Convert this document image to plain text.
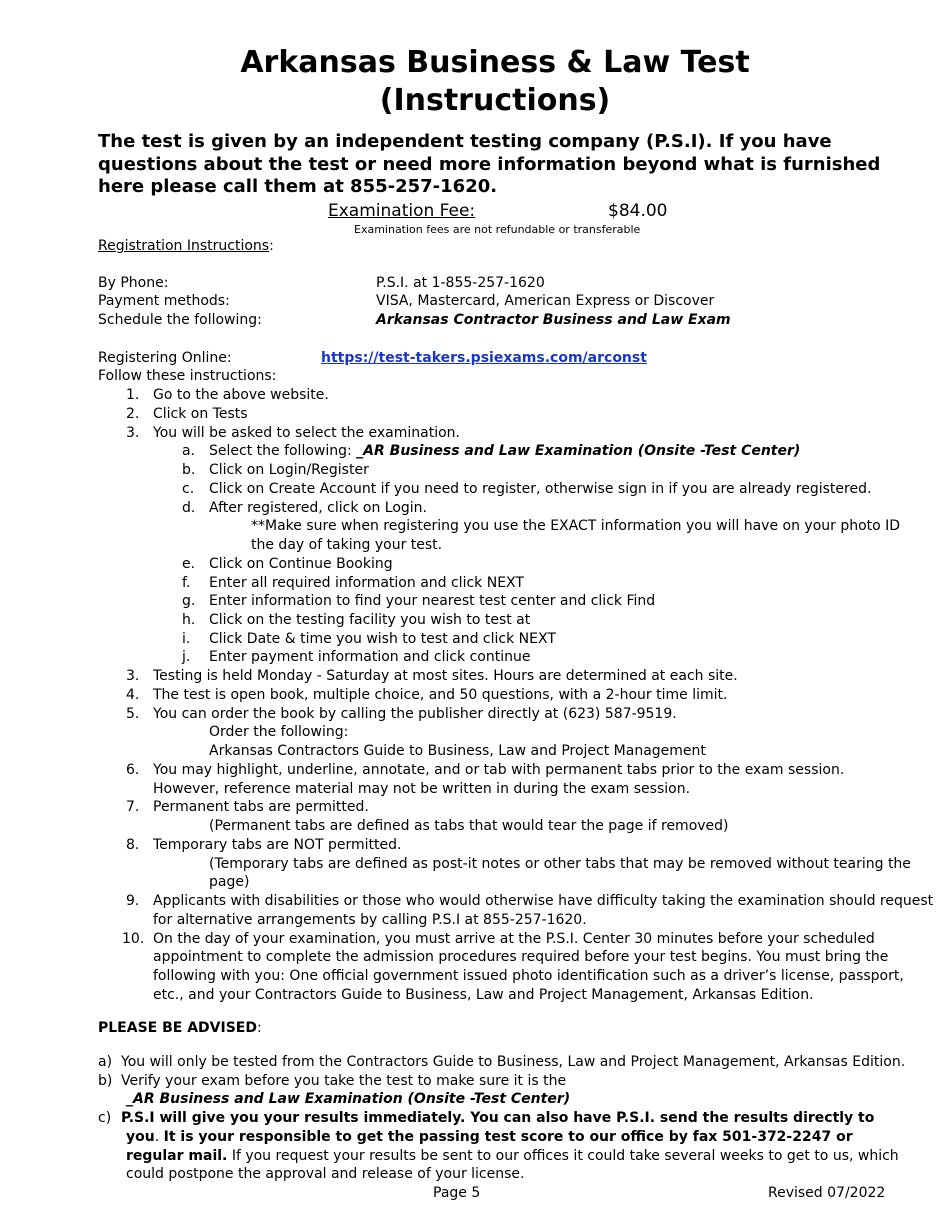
Arkansas Business & Law Test
(Instructions)
The test is given by an independent testing company (P.S.I). If you have questions about the test or need more information beyond what is furnished here please call them at 855-257-1620.
Examination Fee:	$84.00
Examination fees are not refundable or transferable
Registration Instructions:
By Phone:	P.S.I. at 1-855-257-1620
Payment methods:	VISA, Mastercard, American Express or Discover
Schedule the following:	Arkansas Contractor Business and Law Exam
Registering Online:	https://test-takers.psiexams.com/arconst
Follow these instructions:
1. Go to the above website.
2. Click on Tests
3. You will be asked to select the examination.
a. Select the following: _AR Business and Law Examination (Onsite -Test Center)
b. Click on Login/Register
c. Click on Create Account if you need to register, otherwise sign in if you are already registered.
d. After registered, click on Login.
**Make sure when registering you use the EXACT information you will have on your photo ID
the day of taking your test.
e. Click on Continue Booking
f. Enter all required information and click NEXT
g. Enter information to find your nearest test center and click Find
h. Click on the testing facility you wish to test at
i. Click Date & time you wish to test and click NEXT
j. Enter payment information and click continue
3. Testing is held Monday - Saturday at most sites. Hours are determined at each site.
4. The test is open book, multiple choice, and 50 questions, with a 2-hour time limit.
5. You can order the book by calling the publisher directly at (623) 587-9519.
Order the following:
Arkansas Contractors Guide to Business, Law and Project Management
6. You may highlight, underline, annotate, and or tab with permanent tabs prior to the exam session.
However, reference material may not be written in during the exam session.
7. Permanent tabs are permitted.
(Permanent tabs are defined as tabs that would tear the page if removed)
8. Temporary tabs are NOT permitted.
(Temporary tabs are defined as post-it notes or other tabs that may be removed without tearing the
page)
9. Applicants with disabilities or those who would otherwise have difficulty taking the examination should request
for alternative arrangements by calling P.S.I at 855-257-1620.
10. On the day of your examination, you must arrive at the P.S.I. Center 30 minutes before your scheduled
appointment to complete the admission procedures required before your test begins. You must bring the
following with you: One official government issued photo identification such as a driver’s license, passport,
etc., and your Contractors Guide to Business, Law and Project Management, Arkansas Edition.
PLEASE BE ADVISED:
a) You will only be tested from the Contractors Guide to Business, Law and Project Management, Arkansas Edition.
b) Verify your exam before you take the test to make sure it is the
_AR Business and Law Examination (Onsite -Test Center)
c) P.S.I will give you your results immediately. You can also have P.S.I. send the results directly to
you. It is your responsible to get the passing test score to our office by fax 501-372-2247 or
regular mail. If you request your results be sent to our offices it could take several weeks to get to us, which
could postpone the approval and release of your license.
Page 5	Revised 07/2022
